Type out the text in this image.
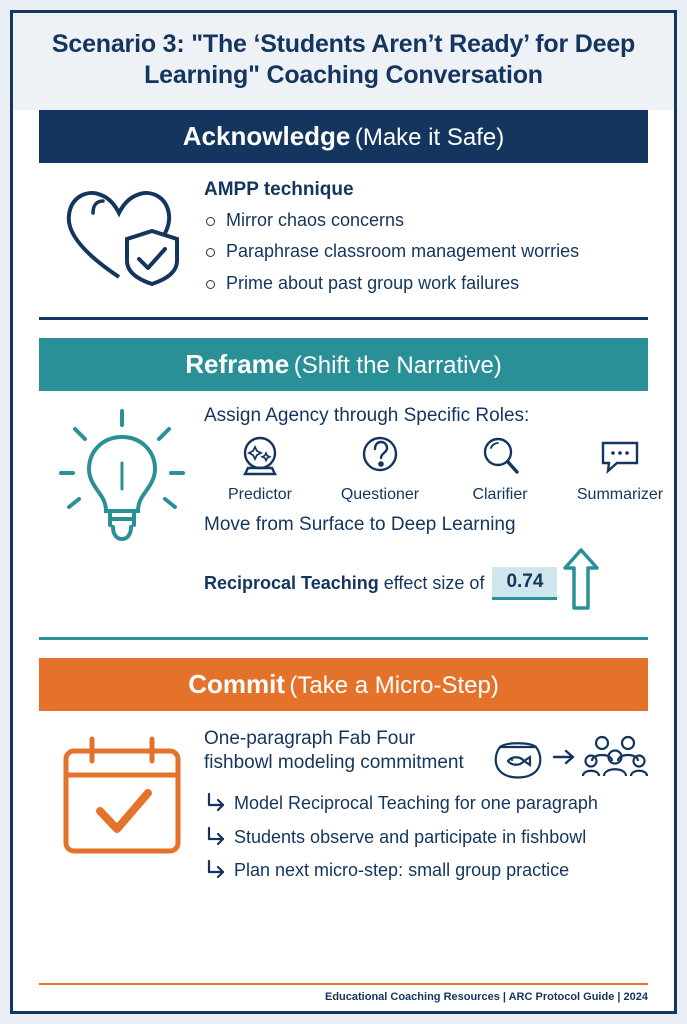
Scenario 3: "The ‘Students Aren’t Ready’ for Deep Learning" Coaching Conversation
Acknowledge (Make it Safe)
AMPP technique
Mirror chaos concerns
Paraphrase classroom management worries
Prime about past group work failures
Reframe (Shift the Narrative)
Assign Agency through Specific Roles:
Predictor	Questioner	Clarifier	Summarizer
Move from Surface to Deep Learning
Reciprocal Teaching effect size of	0.74
Commit (Take a Micro-Step)
One-paragraph Fab Four fishbowl modeling commitment
Model Reciprocal Teaching for one paragraph
Students observe and participate in fishbowl
Plan next micro-step: small group practice
Educational Coaching Resources | ARC Protocol Guide | 2024
